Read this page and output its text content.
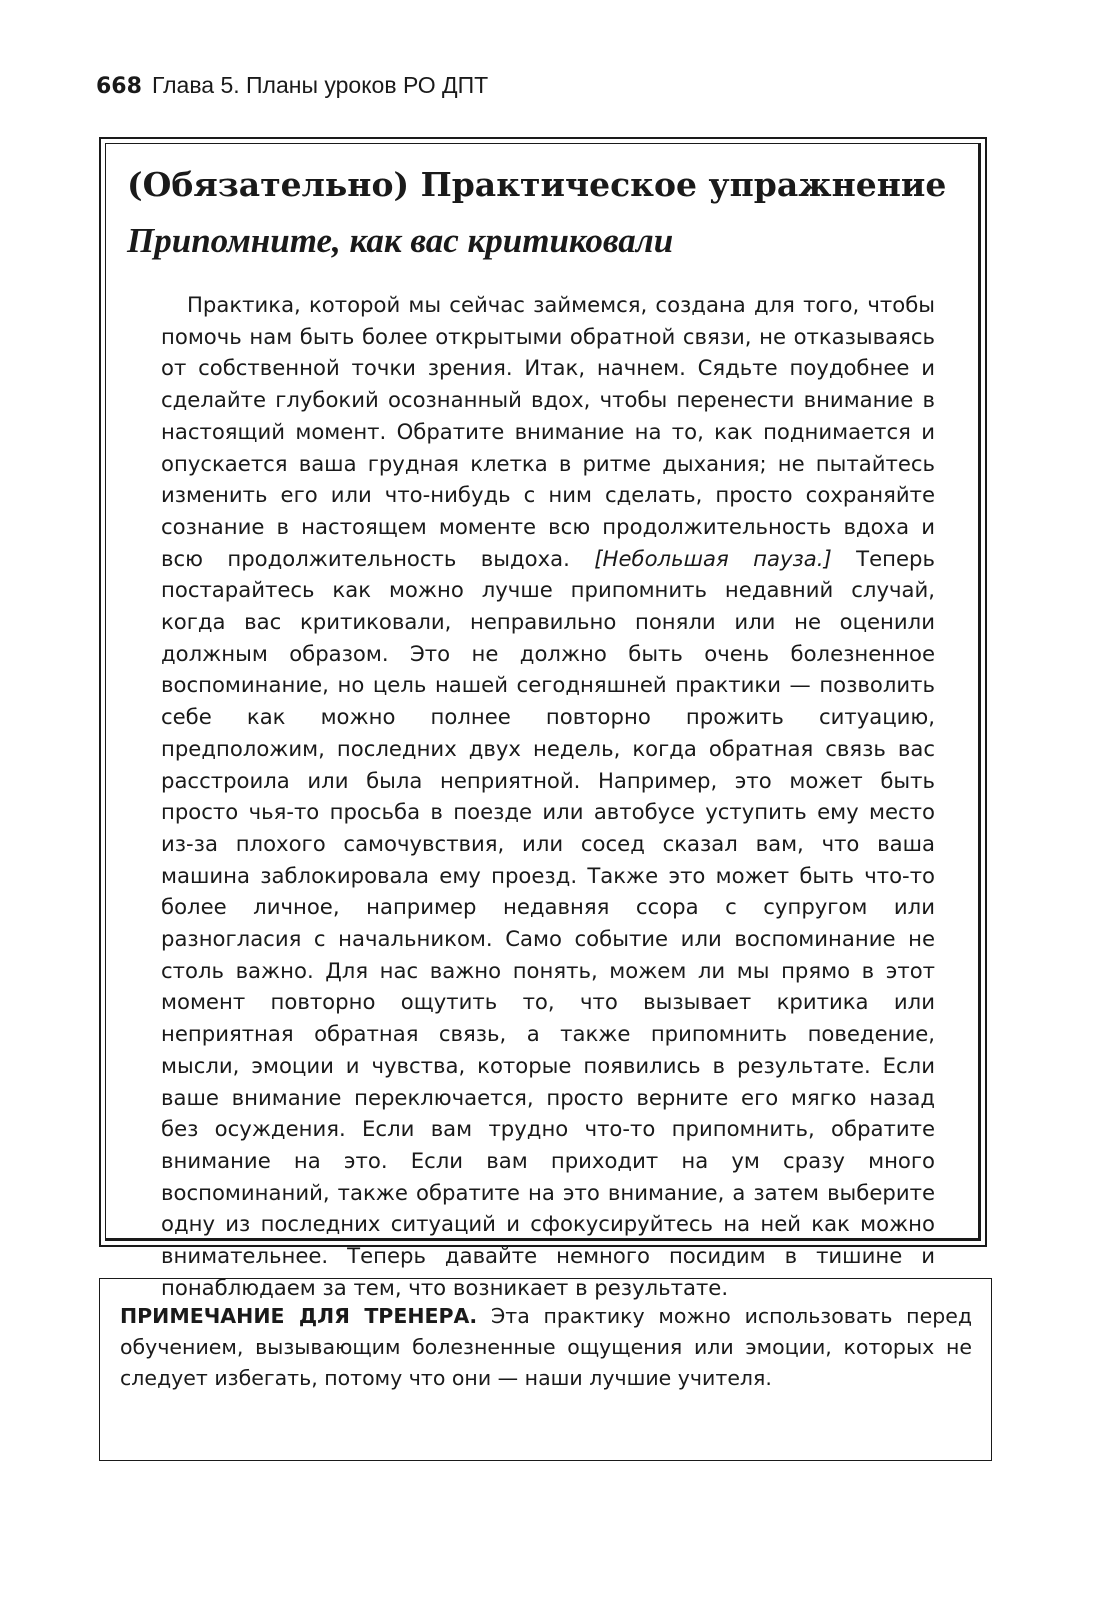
668 Глава 5. Планы уроков РО ДПТ
(Обязательно) Практическое упражнение
Припомните, как вас критиковали

Практика, которой мы сейчас займемся, создана для того, чтобы помочь нам быть более открытыми обратной связи, не отказываясь от собственной точки зрения. Итак, начнем. Сядьте поудобнее и сделайте глубокий осознанный вдох, чтобы перенести внимание в настоящий момент. Обратите внимание на то, как поднимается и опускается ваша грудная клетка в ритме дыхания; не пытайтесь изменить его или что-нибудь с ним сделать, просто сохраняйте сознание в настоящем моменте всю продолжительность вдоха и всю продолжительность выдоха. [Небольшая пауза.] Теперь постарайтесь как можно лучше припомнить недавний случай, когда вас критиковали, неправильно поняли или не оценили должным образом. Это не должно быть очень болезненное воспоминание, но цель нашей сегодняшней практики — позволить себе как можно полнее повторно прожить ситуацию, предположим, последних двух недель, когда обратная связь вас расстроила или была неприятной. Например, это может быть просто чья-то просьба в поезде или автобусе уступить ему место из-за плохого самочувствия, или сосед сказал вам, что ваша машина заблокировала ему проезд. Также это может быть что-то более личное, например недавняя ссора с супругом или разногласия с начальником. Само событие или воспоминание не столь важно. Для нас важно понять, можем ли мы прямо в этот момент повторно ощутить то, что вызывает критика или неприятная обратная связь, а также припомнить поведение, мысли, эмоции и чувства, которые появились в результате. Если ваше внимание переключается, просто верните его мягко назад без осуждения. Если вам трудно что-то припомнить, обратите внимание на это. Если вам приходит на ум сразу много воспоминаний, также обратите на это внимание, а затем выберите одну из последних ситуаций и сфокусируйтесь на ней как можно внимательнее. Теперь давайте немного посидим в тишине и понаблюдаем за тем, что возникает в результате.

ПРИМЕЧАНИЕ ДЛЯ ТРЕНЕРА. Эта практику можно использовать перед обучением, вызывающим болезненные ощущения или эмоции, которых не следует избегать, потому что они — наши лучшие учителя.
